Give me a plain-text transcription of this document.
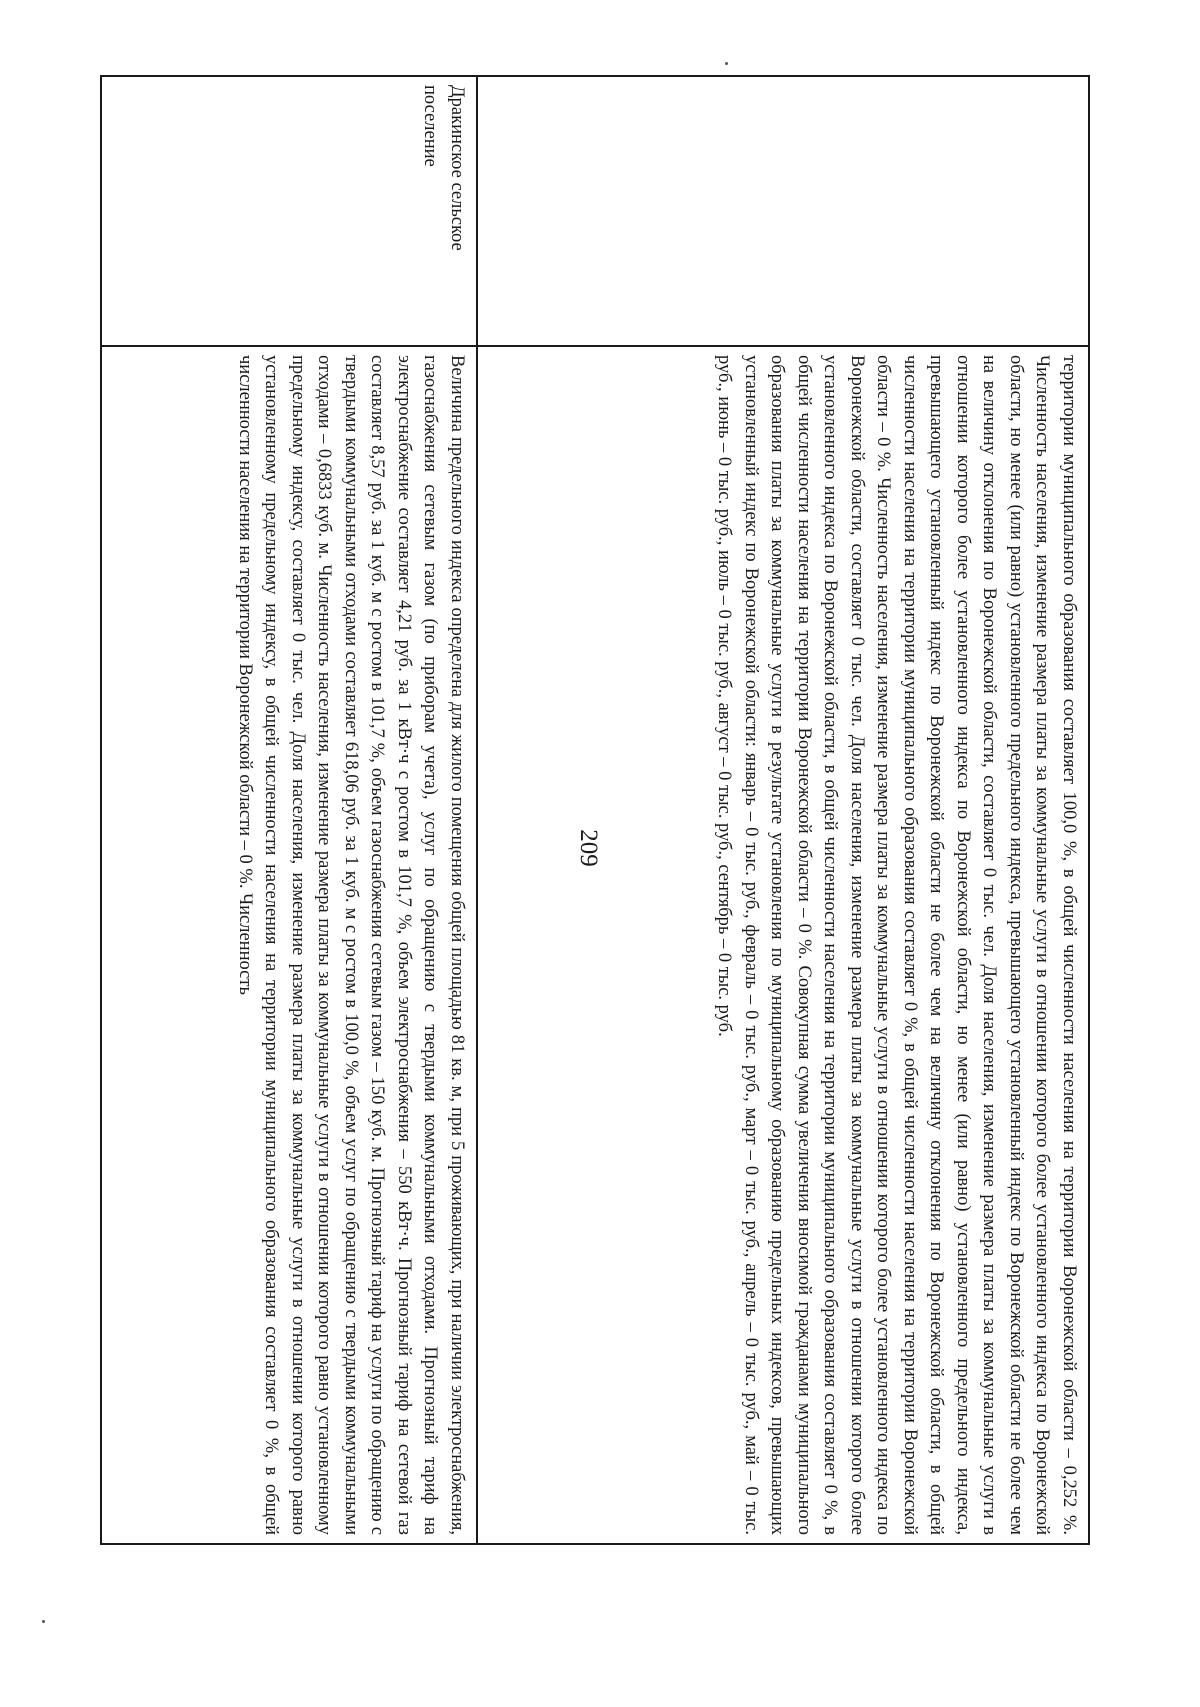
209	территории муниципального образования составляет 100,0 %, в общей численности населения на территории Воронежской области – 0,252 %. Численность населения, изменение размера платы за коммунальные услуги в отношении которого более установленного индекса по Воронежской области, но менее (или равно) установленного предельного индекса, превышающего установленный индекс по Воронежской области не более чем на величину отклонения по Воронежской области, составляет 0 тыс. чел. Доля населения, изменение размера платы за коммунальные услуги в отношении которого более установленного индекса по Воронежской области, но менее (или равно) установленного предельного индекса, превышающего установленный индекс по Воронежской области не более чем на величину отклонения по Воронежской области, в общей численности населения на территории муниципального образования составляет 0 %, в общей численности населения на территории Воронежской области – 0 %. Численность населения, изменение размера платы за коммунальные услуги в отношении которого более установленного индекса по Воронежской области, составляет 0 тыс. чел. Доля населения, изменение размера платы за коммунальные услуги в отношении которого более установленного индекса по Воронежской области, в общей численности населения на территории муниципального образования составляет 0 %, в общей численности населения на территории Воронежской области – 0 %. Совокупная сумма увеличения вносимой гражданами муниципального образования платы за коммунальные услуги в результате установления по муниципальному образованию предельных индексов, превышающих установленный индекс по Воронежской области: январь – 0 тыс. руб., февраль – 0 тыс. руб., март – 0 тыс. руб., апрель – 0 тыс. руб., май – 0 тыс. руб., июнь – 0 тыс. руб., июль – 0 тыс. руб., август – 0 тыс. руб., сентябрь – 0 тыс. руб.
Дракинское сельское поселение
Величина предельного индекса определена для жилого помещения общей площадью 81 кв. м, при 5 проживающих, при наличии электроснабжения, газоснабжения сетевым газом (по приборам учета), услуг по обращению с твердыми коммунальными отходами. Прогнозный тариф на электроснабжение составляет 4,21 руб. за 1 кВт·ч с ростом в 101,7 %, объем электроснабжения – 550 кВт·ч. Прогнозный тариф на сетевой газ составляет 8,57 руб. за 1 куб. м с ростом в 101,7 %, объем газоснабжения сетевым газом – 150 куб. м. Прогнозный тариф на услуги по обращению с твердыми коммунальными отходами составляет 618,06 руб. за 1 куб. м с ростом в 100,0 %, объем услуг по обращению с твердыми коммунальными отходами – 0,6833 куб. м. Численность населения, изменение размера платы за коммунальные услуги в отношении которого равно установленному предельному индексу, составляет 0 тыс. чел. Доля населения, изменение размера платы за коммунальные услуги в отношении которого равно установленному предельному индексу, в общей численности населения на территории муниципального образования составляет 0 %, в общей численности населения на территории Воронежской области – 0 %. Численность
